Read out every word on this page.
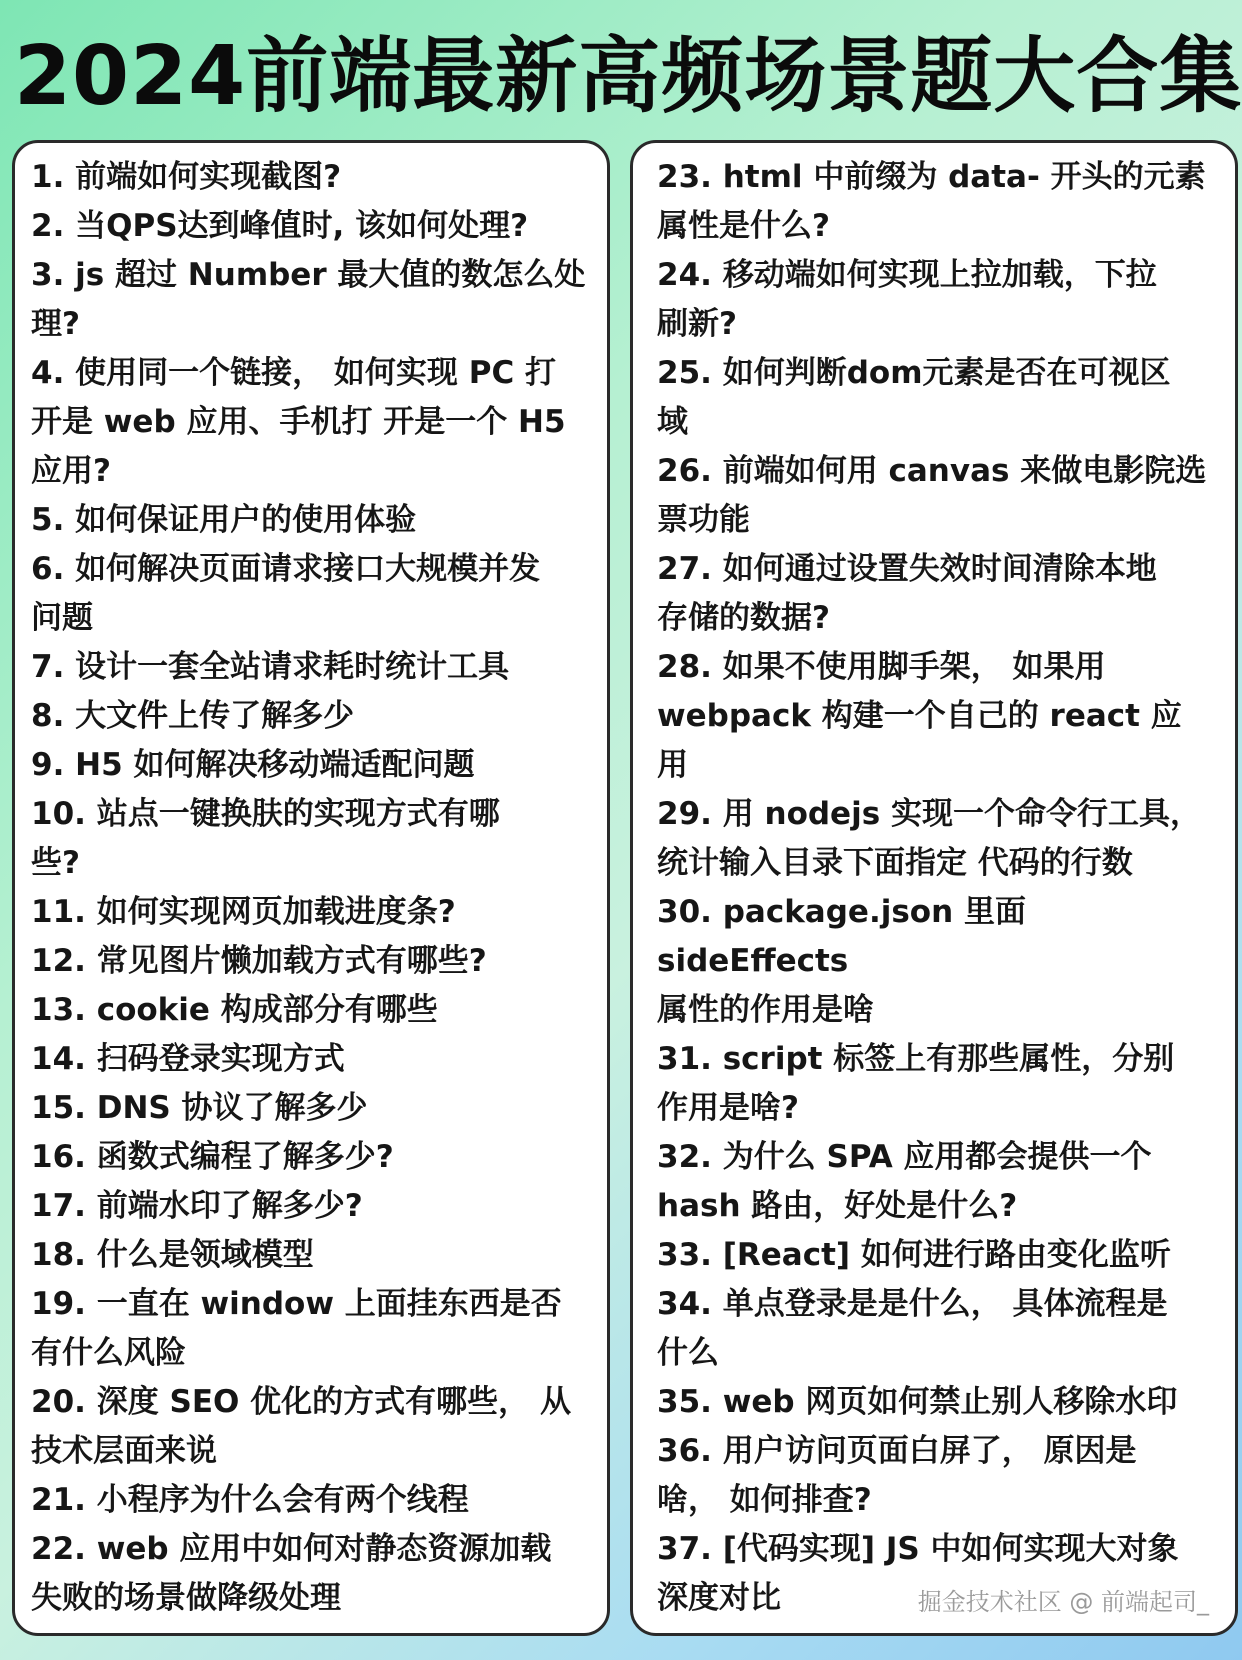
2024前端最新高频场景题大合集
1. 前端如何实现截图?
2. 当QPS达到峰值时, 该如何处理?
3. js 超过 Number 最大值的数怎么处
理?
4. 使用同一个链接， 如何实现 PC 打
开是 web 应用、手机打 开是一个 H5
应用?
5. 如何保证用户的使用体验
6. 如何解决页面请求接口大规模并发
问题
7. 设计一套全站请求耗时统计工具
8. 大文件上传了解多少
9. H5 如何解决移动端适配问题
10. 站点一键换肤的实现方式有哪
些?
11. 如何实现网页加载进度条?
12. 常见图片懒加载方式有哪些?
13. cookie 构成部分有哪些
14. 扫码登录实现方式
15. DNS 协议了解多少
16. 函数式编程了解多少?
17. 前端水印了解多少?
18. 什么是领域模型
19. 一直在 window 上面挂东西是否
有什么风险
20. 深度 SEO 优化的方式有哪些， 从
技术层面来说
21. 小程序为什么会有两个线程
22. web 应用中如何对静态资源加载
失败的场景做降级处理
23. html 中前缀为 data- 开头的元素
属性是什么?
24. 移动端如何实现上拉加载，下拉
刷新?
25. 如何判断dom元素是否在可视区
域
26. 前端如何用 canvas 来做电影院选
票功能
27. 如何通过设置失效时间清除本地
存储的数据?
28. 如果不使用脚手架， 如果用
webpack 构建一个自己的 react 应
用
29. 用 nodejs 实现一个命令行工具，
统计输入目录下面指定 代码的行数
30. package.json 里面 sideEffects
属性的作用是啥
31. script 标签上有那些属性，分别
作用是啥?
32. 为什么 SPA 应用都会提供一个
hash 路由，好处是什么?
33. [React] 如何进行路由变化监听
34. 单点登录是是什么， 具体流程是
什么
35. web 网页如何禁止别人移除水印
36. 用户访问页面白屏了， 原因是
啥， 如何排查?
37. [代码实现] JS 中如何实现大对象
深度对比	掘金技术社区 @ 前端起司_
